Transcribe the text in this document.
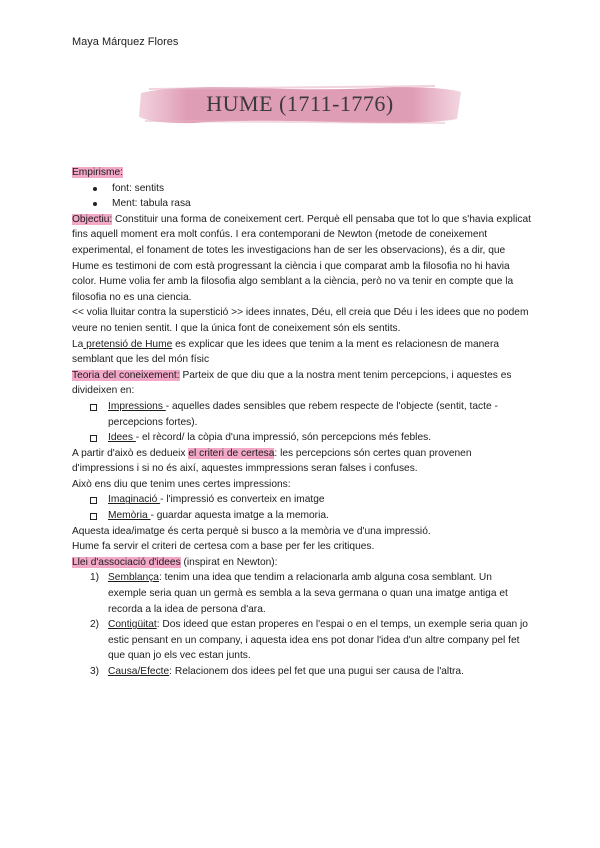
Maya Márquez Flores
HUME (1711-1776)

Empirisme:

font: sentits
Ment: tabula rasa

Objectiu: Constituir una forma de coneixement cert. Perquè ell pensaba que tot lo que s'havia explicat fins aquell moment era molt confús. I era contemporani de Newton (metode de coneixement experimental, el fonament de totes les investigacions han de ser les observacions), és a dir, que Hume es testimoni de com està progressant la ciència i que comparat amb la filosofia no hi havia color. Hume volia fer amb la filosofia algo semblant a la ciència, però no va tenir en compte que la filosofia no es una ciencia.

<< volia lluitar contra la superstició >> idees innates, Déu, ell creia que Déu i les idees que no podem veure no tenien sentit. I que la única font de coneixement són els sentits.

La pretensió de Hume es explicar que les idees que tenim a la ment es relacionesn de manera semblant que les del món físic

Teoria del coneixement: Parteix de que diu que a la nostra ment tenim percepcions, i aquestes es divideixen en:

Impressions - aquelles dades sensibles que rebem respecte de l'objecte (sentit, tacte - percepcions fortes).
Idees - el rècord/ la còpia d'una impressió, són percepcions més febles.

A partir d'això es dedueix el criteri de certesa: les percepcions són certes quan provenen d'impressions i si no és així, aquestes immpressions seran falses i confuses.

Això ens diu que tenim unes certes impressions:

Imaginació - l'impressió es converteix en imatge
Memòria - guardar aquesta imatge a la memoria.

Aquesta idea/imatge és certa perquè si busco a la memòria ve d'una impressió.

Hume fa servir el criteri de certesa com a base per fer les critiques.

Llei d'associació d'idees (inspirat en Newton):

1) Semblança: tenim una idea que tendim a relacionarla amb alguna cosa semblant. Un exemple seria quan un germà es sembla a la seva germana o quan una imatge antiga et recorda a la idea de persona d'ara.
2) Contigüitat: Dos ideed que estan properes en l'espai o en el temps, un exemple seria quan jo estic pensant en un company, i aquesta idea ens pot donar l'idea d'un altre company pel fet que quan jo els vec estan junts.
3) Causa/Efecte: Relacionem dos idees pel fet que una pugui ser causa de l'altra.
